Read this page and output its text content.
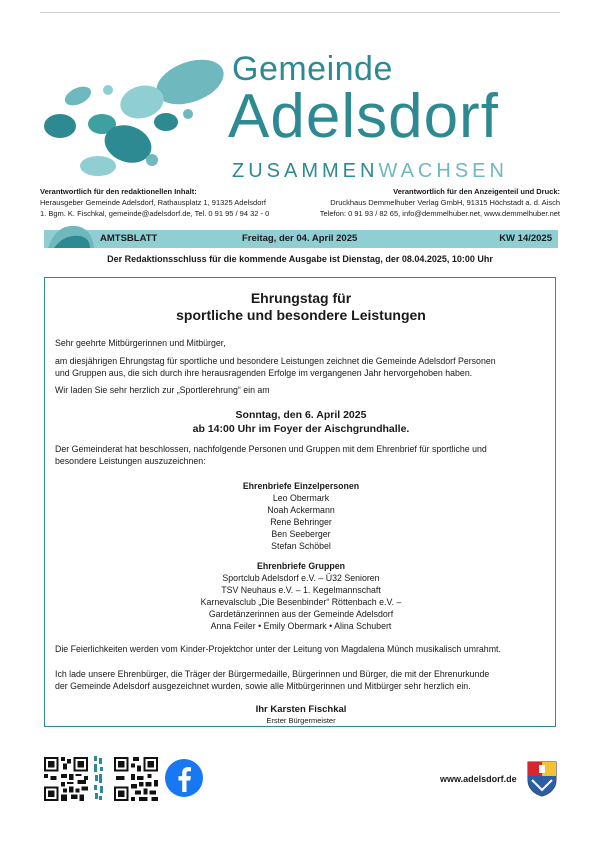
Gemeinde
Adelsdorf
ZUSAMMENWACHSEN
Verantwortlich für den redaktionellen Inhalt:
Herausgeber Gemeinde Adelsdorf, Rathausplatz 1, 91325 Adelsdorf
1. Bgm. K. Fischkal, gemeinde@adelsdorf.de, Tel. 0 91 95 / 94 32 - 0
Verantwortlich für den Anzeigenteil und Druck:
Druckhaus Demmelhuber Verlag GmbH, 91315 Höchstadt a. d. Aisch
Telefon: 0 91 93 / 82 65, info@demmelhuber.net, www.demmelhuber.net
AMTSBLATT	Freitag, der 04. April 2025	KW 14/2025
Der Redaktionsschluss für die kommende Ausgabe ist Dienstag, der 08.04.2025, 10:00 Uhr
Ehrungstag für
sportliche und besondere Leistungen
Sehr geehrte Mitbürgerinnen und Mitbürger,
am diesjährigen Ehrungstag für sportliche und besondere Leistungen zeichnet die Gemeinde Adelsdorf Personen
und Gruppen aus, die sich durch ihre herausragenden Erfolge im vergangenen Jahr hervorgehoben haben.
Wir laden Sie sehr herzlich zur „Sportlerehrung“ ein am
Sonntag, den 6. April 2025
ab 14:00 Uhr im Foyer der Aischgrundhalle.
Der Gemeinderat hat beschlossen, nachfolgende Personen und Gruppen mit dem Ehrenbrief für sportliche und
besondere Leistungen auszuzeichnen:
Ehrenbriefe Einzelpersonen
Leo Obermark
Noah Ackermann
Rene Behringer
Ben Seeberger
Stefan Schöbel
Ehrenbriefe Gruppen
Sportclub Adelsdorf e.V. – Ü32 Senioren
TSV Neuhaus e.V. – 1. Kegelmannschaft
Karnevalsclub „Die Besenbinder“ Röttenbach e.V. –
Gardetänzerinnen aus der Gemeinde Adelsdorf
Anna Feiler • Emily Obermark • Alina Schubert
Die Feierlichkeiten werden vom Kinder-Projektchor unter der Leitung von Magdalena Münch musikalisch umrahmt.
Ich lade unsere Ehrenbürger, die Träger der Bürgermedaille, Bürgerinnen und Bürger, die mit der Ehrenurkunde
der Gemeinde Adelsdorf ausgezeichnet wurden, sowie alle Mitbürgerinnen und Mitbürger sehr herzlich ein.
Ihr Karsten Fischkal
Erster Bürgermeister
www.adelsdorf.de
